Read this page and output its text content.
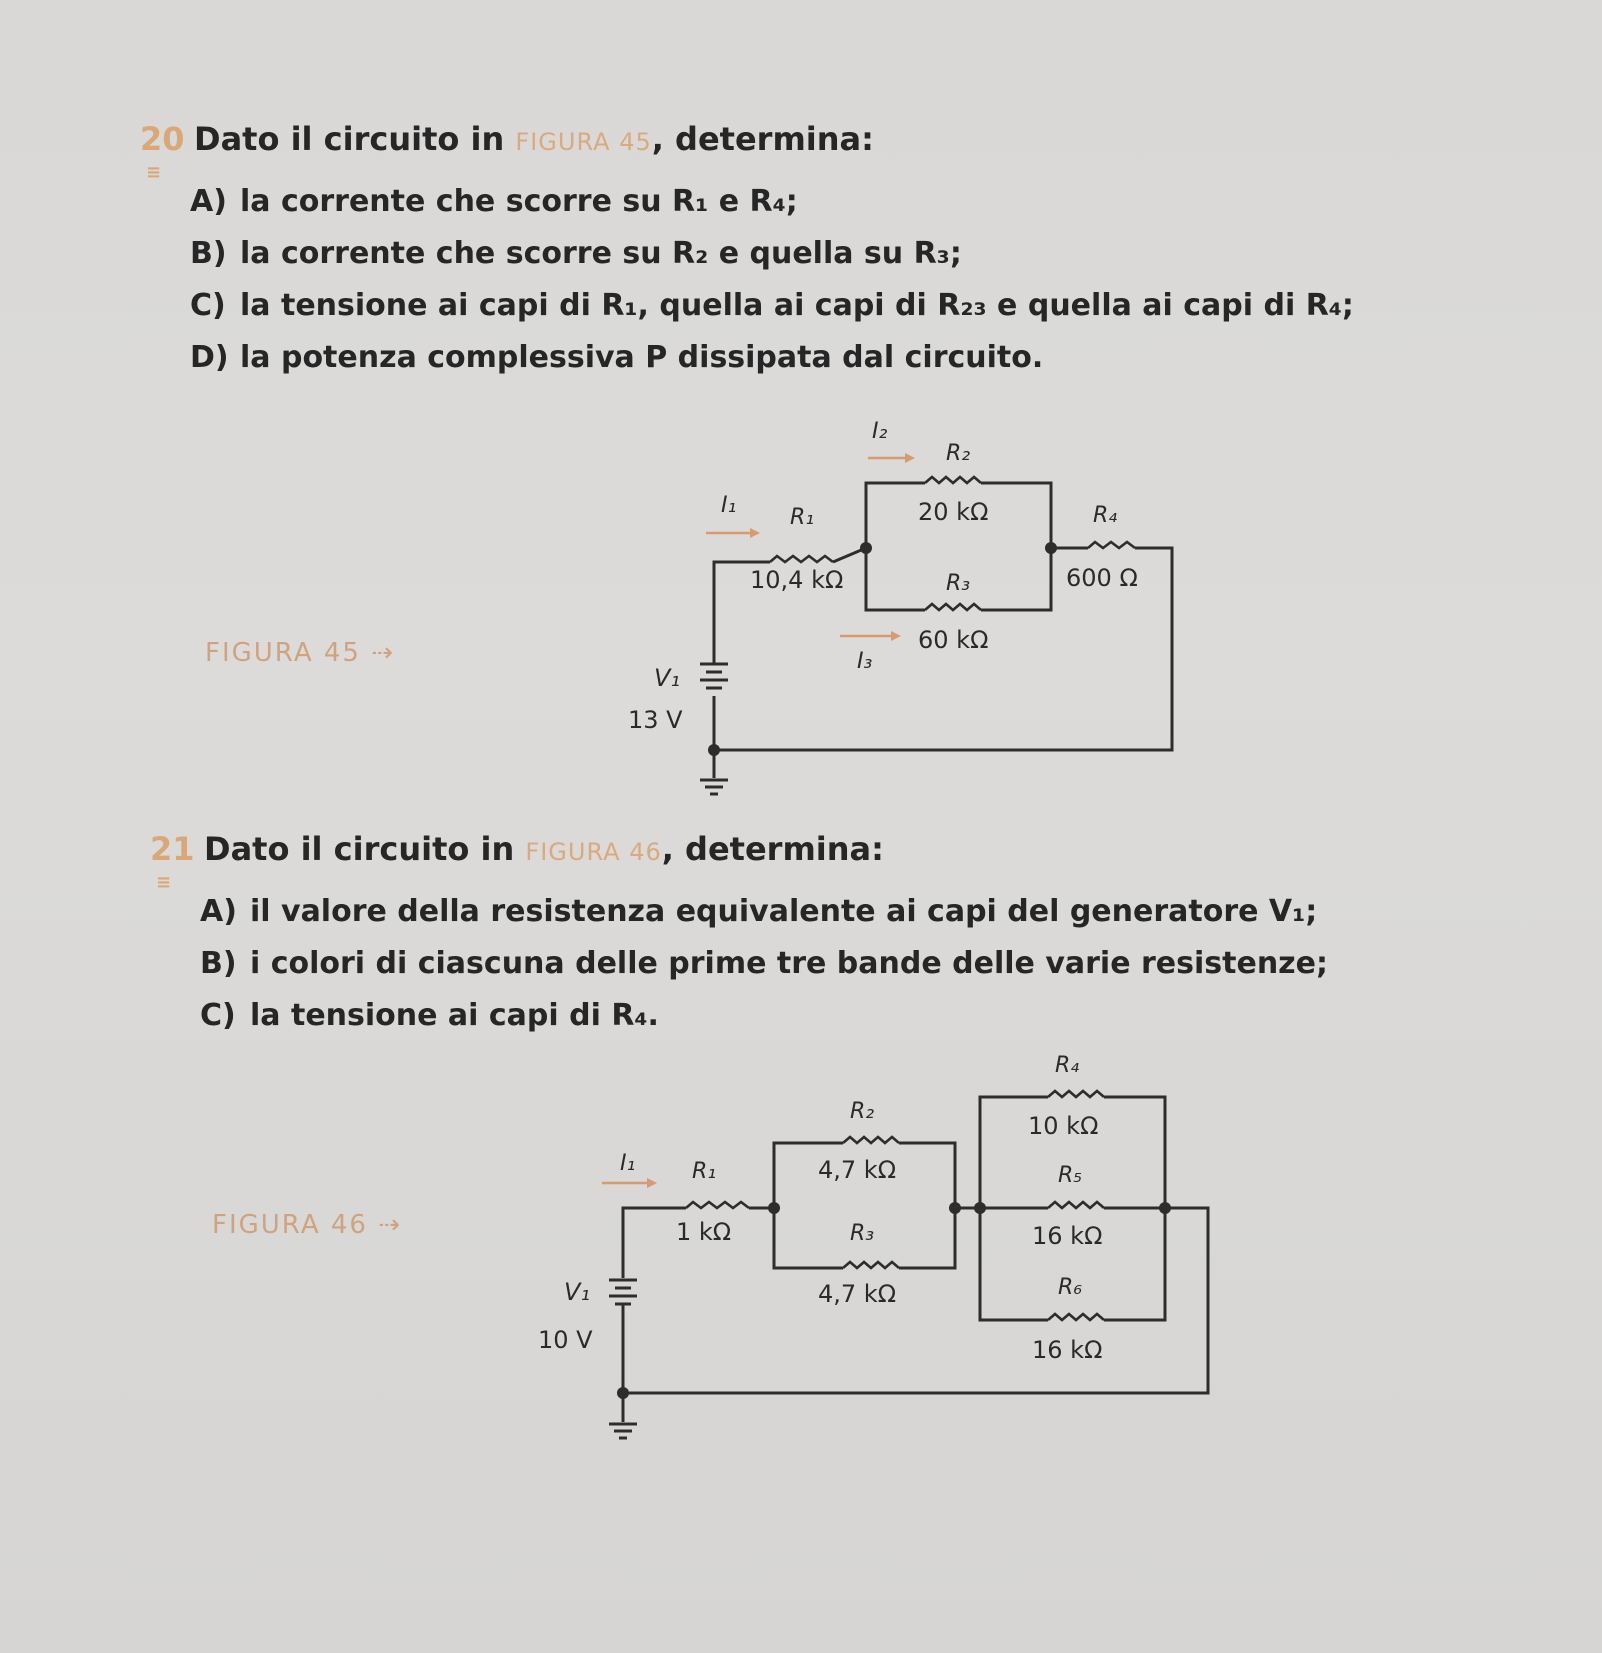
20 Dato il circuito in
FIGURA 45 , determina:
≡
A) la corrente che scorre su R₁ e R₄;
B) la corrente che scorre su R₂ e quella su R₃;
C) la tensione ai capi di R₁, quella ai capi di R₂₃ e quella ai capi di R₄;
D) la potenza complessiva P dissipata dal circuito.
FIGURA 45 ⇢
I₁
I₂
I₃
R₁
10,4 kΩ
R₂
20 kΩ
R₃
60 kΩ
R₄
600 Ω
V₁
13 V
21 Dato il circuito in
FIGURA 46 , determina:
≡
A) il valore della resistenza equivalente ai capi del generatore V₁;
B) i colori di ciascuna delle prime tre bande delle varie resistenze;
C) la tensione ai capi di R₄.
FIGURA 46 ⇢
I₁	R₁
1 kΩ
R₂
4,7 kΩ
R₃
4,7 kΩ
R₄
10 kΩ
R₅
16 kΩ
R₆
16 kΩ
V₁
10 V
